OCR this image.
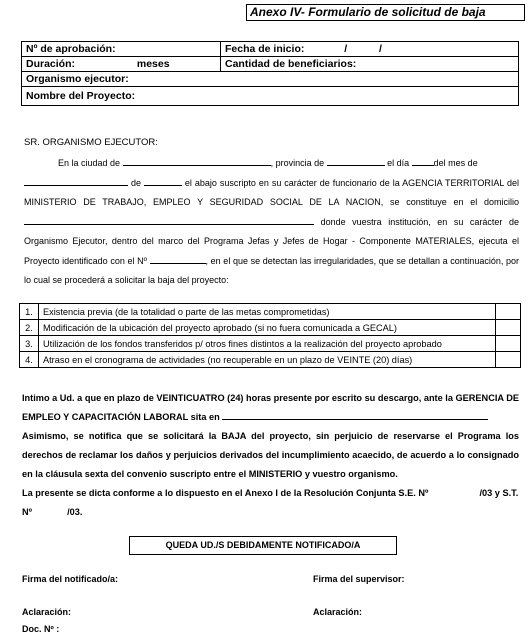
Anexo IV- Formulario de solicitud de baja
Nº de aprobación:	Fecha de inicio: / /
Duración: meses	Cantidad de beneficiarios:
Organismo ejecutor:	
Nombre del Proyecto:	
SR. ORGANISMO EJECUTOR:
En la ciudad de	, provincia de	el día	del mes de
de	el abajo suscripto en su carácter de funcionario de la AGENCIA TERRITORIAL del MINISTERIO DE TRABAJO, EMPLEO Y SEGURIDAD SOCIAL DE LA NACION, se constituye en el domicilio donde vuestra institución, en su carácter de Organismo Ejecutor, dentro del marco del Programa Jefas y Jefes de Hogar - Componente MATERIALES, ejecuta el Proyecto identificado con el Nº	, en el que se detectan las irregularidades, que se detallan a continuación, por lo cual se procederá a solicitar la baja del proyecto:
1.	Existencia previa (de la totalidad o parte de las metas comprometidas)	
2.	Modificación de la ubicación del proyecto aprobado (si no fuera comunicada a GECAL)	
3.	Utilización de los fondos transferidos p/ otros fines distintos a la realización del proyecto aprobado	
4.	Atraso en el cronograma de actividades (no recuperable en un plazo de VEINTE (20) días)	
Intimo a Ud. a que en plazo de VEINTICUATRO (24) horas presente por escrito su descargo, ante la GERENCIA DE EMPLEO Y CAPACITACIÓN LABORAL sita en
Asimismo, se notifica que se solicitará la BAJA del proyecto, sin perjuicio de reservarse el Programa los derechos de reclamar los daños y perjuicios derivados del incumplimiento acaecido, de acuerdo a lo consignado en la cláusula sexta del convenio suscripto entre el MINISTERIO y vuestro organismo.
La presente se dicta conforme a lo dispuesto en el Anexo I de la Resolución Conjunta S.E. Nº	/03 y S.T.
Nº	/03.
QUEDA UD./S DEBIDAMENTE NOTIFICADO/A
Firma del notificado/a:	Firma del supervisor:
Aclaración:	Aclaración:
Doc. Nº :
